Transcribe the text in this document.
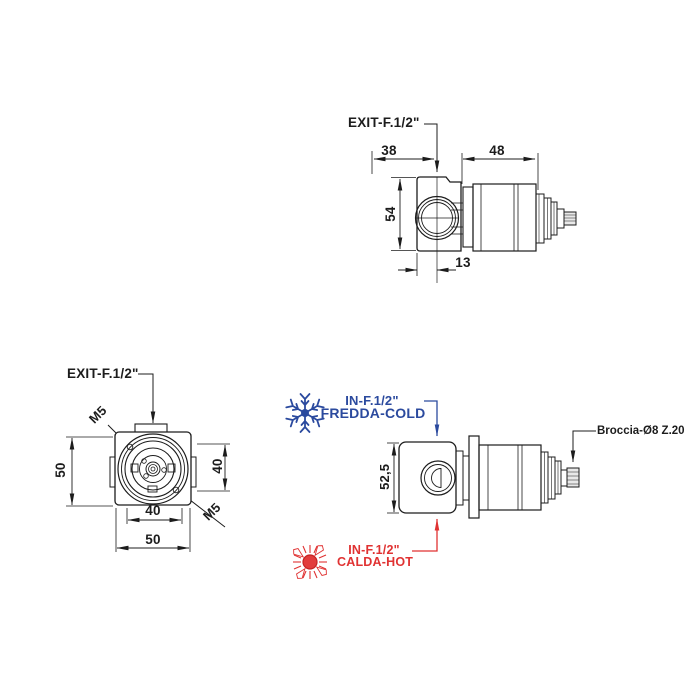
EXIT-F.1/2"
38	48
54
13
EXIT-F.1/2"
M5
M5
50	40
40
50
IN-F.1/2"
FREDDA-COLD
52,5
IN-F.1/2"
CALDA-HOT
Broccia-Ø8 Z.20
